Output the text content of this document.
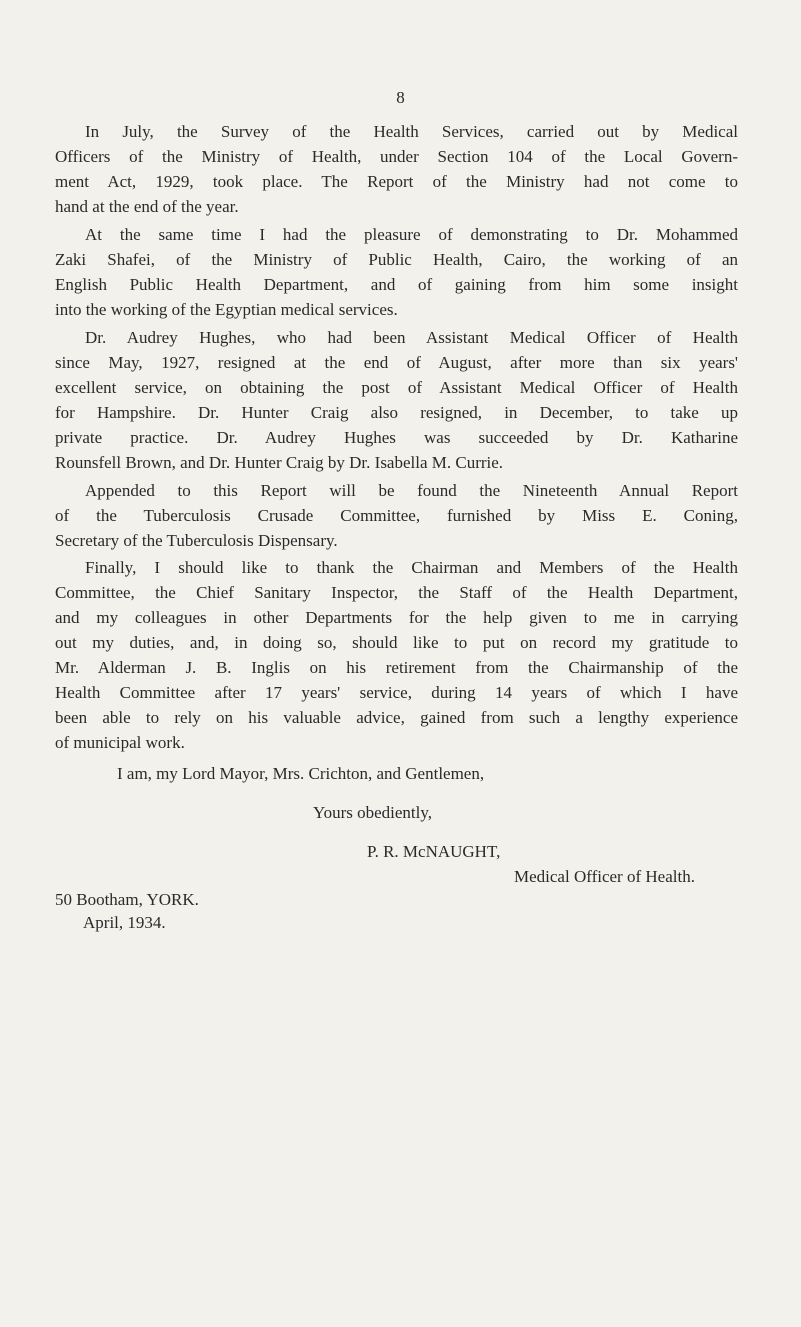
8
In July, the Survey of the Health Services, carried out by Medical
Officers of the Ministry of Health, under Section 104 of the Local Govern-
ment Act, 1929, took place. The Report of the Ministry had not come to
hand at the end of the year.
At the same time I had the pleasure of demonstrating to Dr. Mohammed
Zaki Shafei, of the Ministry of Public Health, Cairo, the working of an
English Public Health Department, and of gaining from him some insight
into the working of the Egyptian medical services.
Dr. Audrey Hughes, who had been Assistant Medical Officer of Health
since May, 1927, resigned at the end of August, after more than six years'
excellent service, on obtaining the post of Assistant Medical Officer of Health
for Hampshire. Dr. Hunter Craig also resigned, in December, to take up
private practice. Dr. Audrey Hughes was succeeded by Dr. Katharine
Rounsfell Brown, and Dr. Hunter Craig by Dr. Isabella M. Currie.
Appended to this Report will be found the Nineteenth Annual Report
of the Tuberculosis Crusade Committee, furnished by Miss E. Coning,
Secretary of the Tuberculosis Dispensary.
Finally, I should like to thank the Chairman and Members of the Health
Committee, the Chief Sanitary Inspector, the Staff of the Health Department,
and my colleagues in other Departments for the help given to me in carrying
out my duties, and, in doing so, should like to put on record my gratitude to
Mr. Alderman J. B. Inglis on his retirement from the Chairmanship of the
Health Committee after 17 years' service, during 14 years of which I have
been able to rely on his valuable advice, gained from such a lengthy experience
of municipal work.
I am, my Lord Mayor, Mrs. Crichton, and Gentlemen,
Yours obediently,
P. R. McNAUGHT,
Medical Officer of Health.
50 Bootham, YORK.
April, 1934.
